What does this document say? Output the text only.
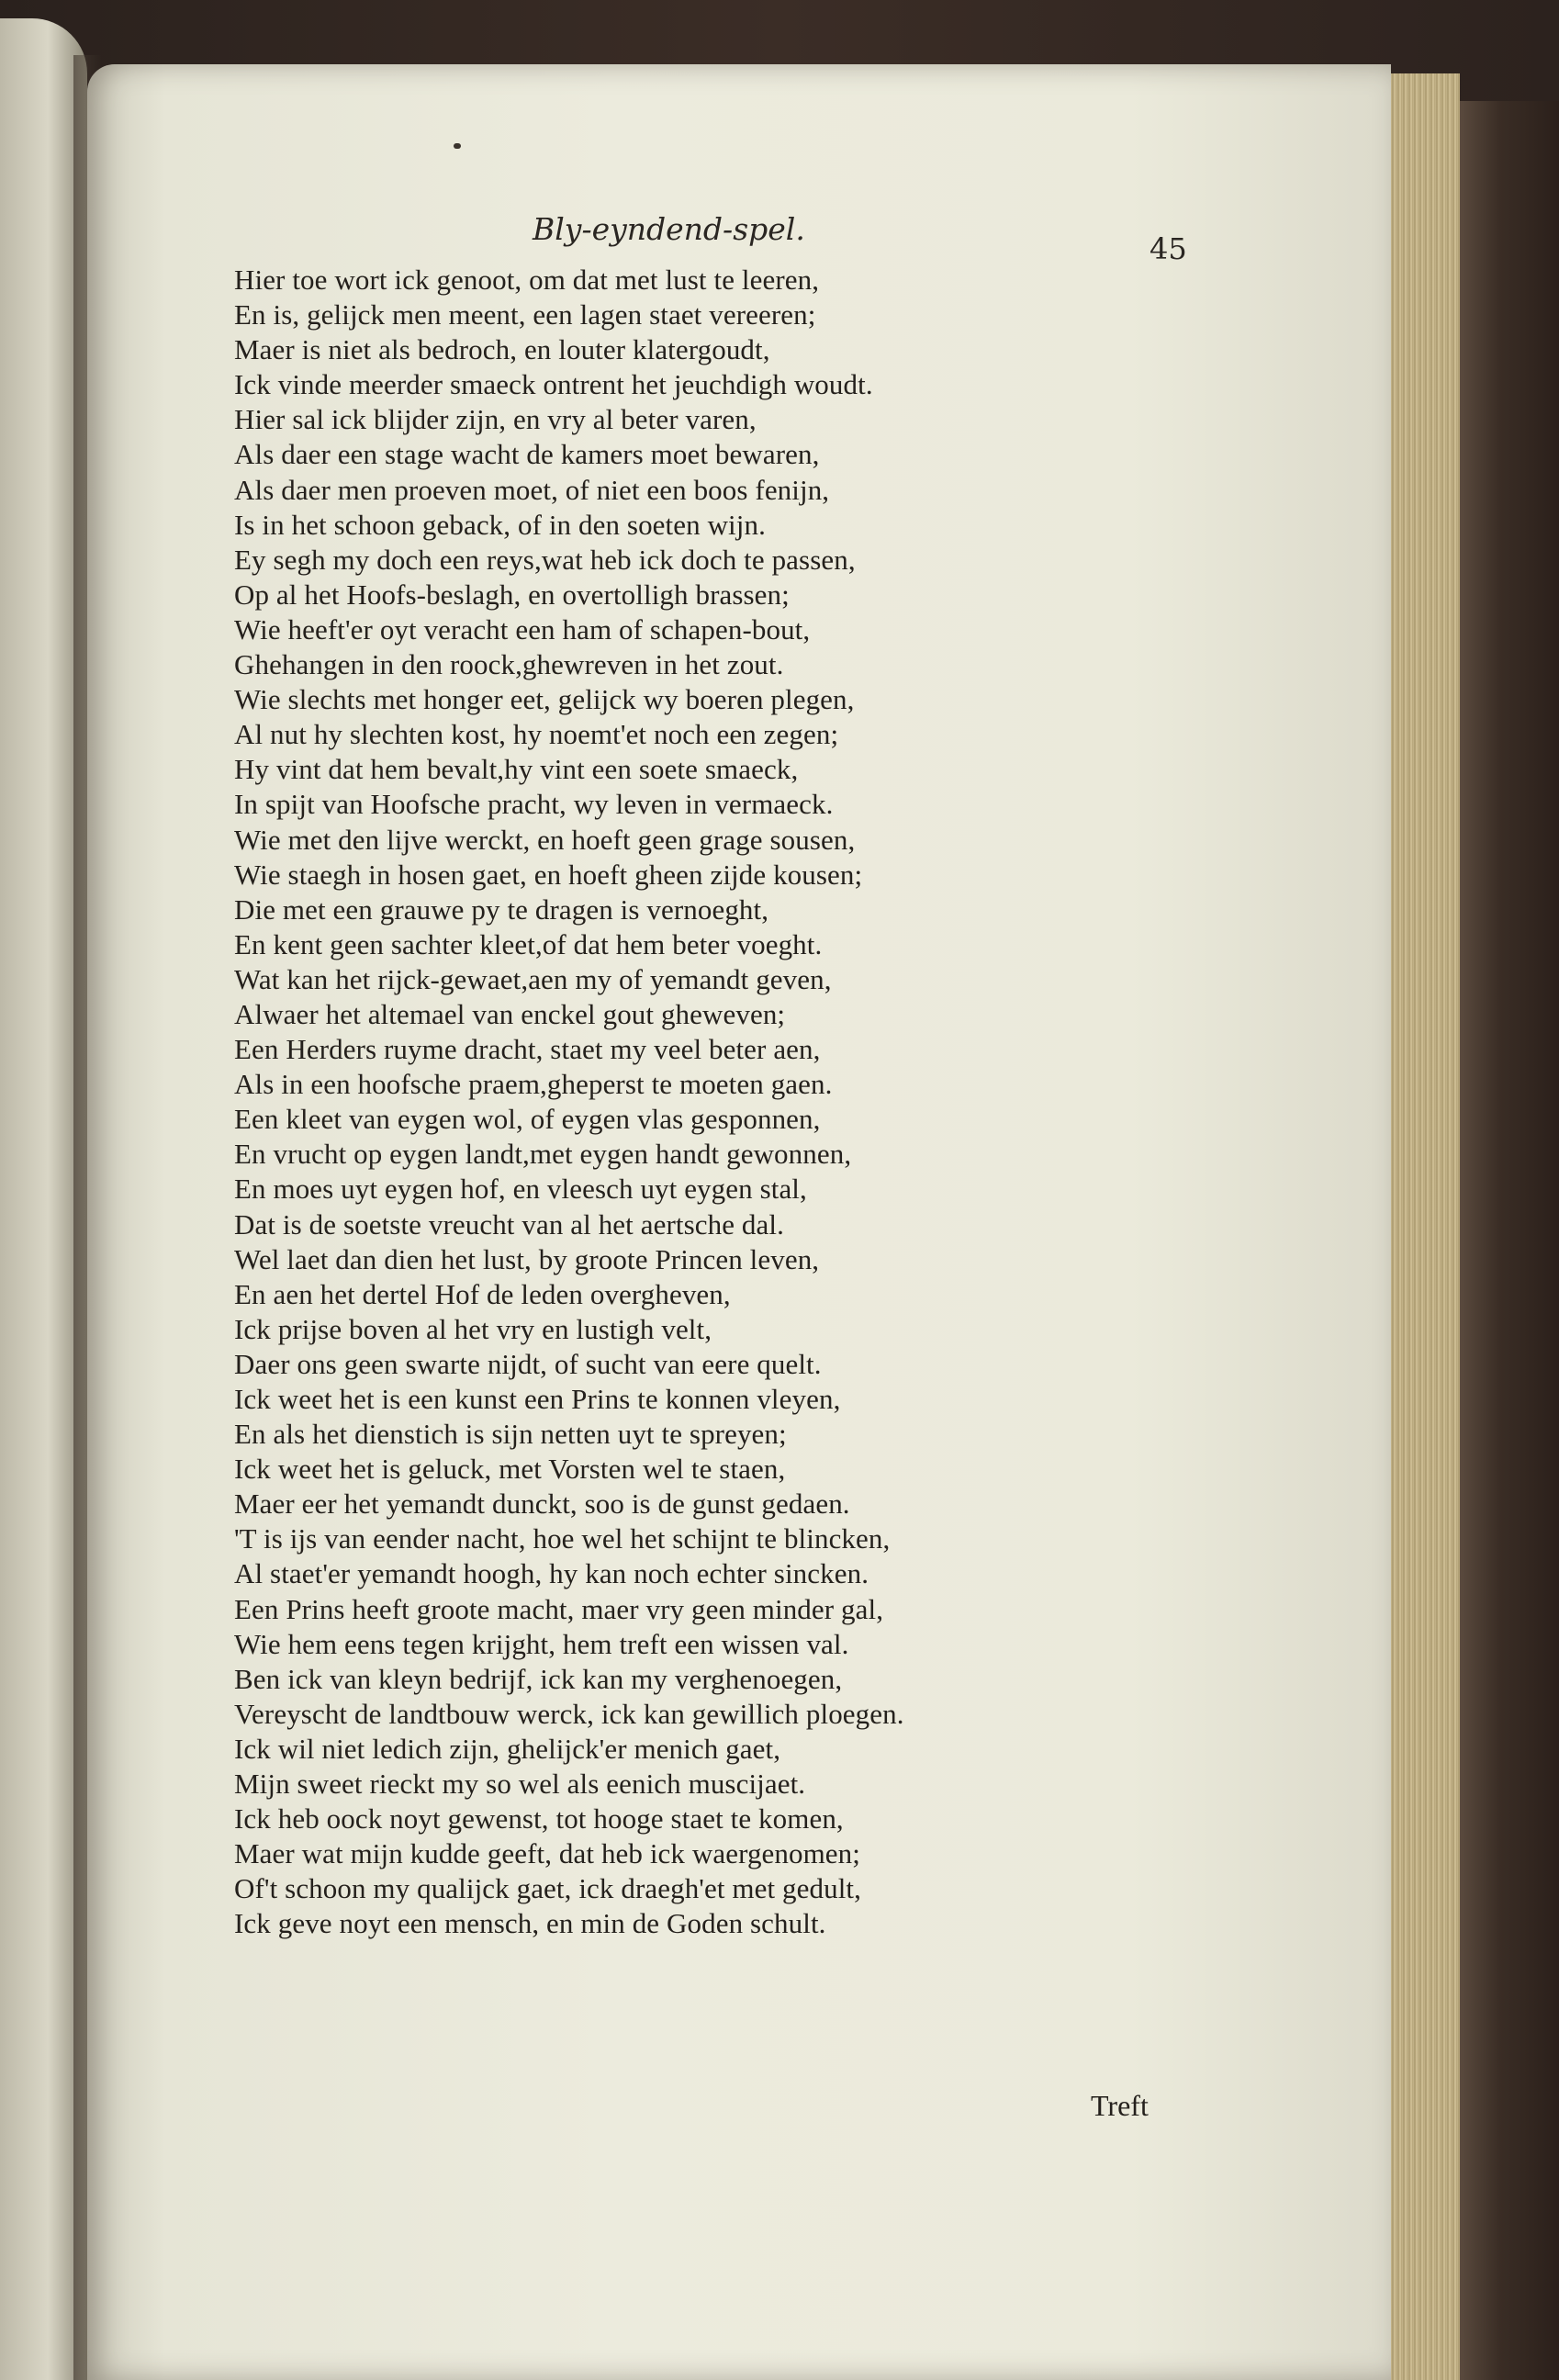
Bly-eyndend-spel.
45
Hier toe wort ick genoot, om dat met lust te leeren,
En is, gelijck men meent, een lagen staet vereeren;
Maer is niet als bedroch, en louter klatergoudt,
Ick vinde meerder smaeck ontrent het jeuchdigh woudt.
Hier sal ick blijder zijn, en vry al beter varen,
Als daer een stage wacht de kamers moet bewaren,
Als daer men proeven moet, of niet een boos fenijn,
Is in het schoon geback, of in den soeten wijn.
Ey segh my doch een reys,wat heb ick doch te passen,
Op al het Hoofs-beslagh, en overtolligh brassen;
Wie heeft'er oyt veracht een ham of schapen-bout,
Ghehangen in den roock,ghewreven in het zout.
Wie slechts met honger eet, gelijck wy boeren plegen,
Al nut hy slechten kost, hy noemt'et noch een zegen;
Hy vint dat hem bevalt,hy vint een soete smaeck,
In spijt van Hoofsche pracht, wy leven in vermaeck.
Wie met den lijve werckt, en hoeft geen grage sousen,
Wie staegh in hosen gaet, en hoeft gheen zijde kousen;
Die met een grauwe py te dragen is vernoeght,
En kent geen sachter kleet,of dat hem beter voeght.
Wat kan het rijck-gewaet,aen my of yemandt geven,
Alwaer het altemael van enckel gout gheweven;
Een Herders ruyme dracht, staet my veel beter aen,
Als in een hoofsche praem,gheperst te moeten gaen.
Een kleet van eygen wol, of eygen vlas gesponnen,
En vrucht op eygen landt,met eygen handt gewonnen,
En moes uyt eygen hof, en vleesch uyt eygen stal,
Dat is de soetste vreucht van al het aertsche dal.
Wel laet dan dien het lust, by groote Princen leven,
En aen het dertel Hof de leden overgheven,
Ick prijse boven al het vry en lustigh velt,
Daer ons geen swarte nijdt, of sucht van eere quelt.
Ick weet het is een kunst een Prins te konnen vleyen,
En als het dienstich is sijn netten uyt te spreyen;
Ick weet het is geluck, met Vorsten wel te staen,
Maer eer het yemandt dunckt, soo is de gunst gedaen.
'T is ijs van eender nacht, hoe wel het schijnt te blincken,
Al staet'er yemandt hoogh, hy kan noch echter sincken.
Een Prins heeft groote macht, maer vry geen minder gal,
Wie hem eens tegen krijght, hem treft een wissen val.
Ben ick van kleyn bedrijf, ick kan my verghenoegen,
Vereyscht de landtbouw werck, ick kan gewillich ploegen.
Ick wil niet ledich zijn, ghelijck'er menich gaet,
Mijn sweet rieckt my so wel als eenich muscijaet.
Ick heb oock noyt gewenst, tot hooge staet te komen,
Maer wat mijn kudde geeft, dat heb ick waergenomen;
Of't schoon my qualijck gaet, ick draegh'et met gedult,
Ick geve noyt een mensch, en min de Goden schult.
Treft
